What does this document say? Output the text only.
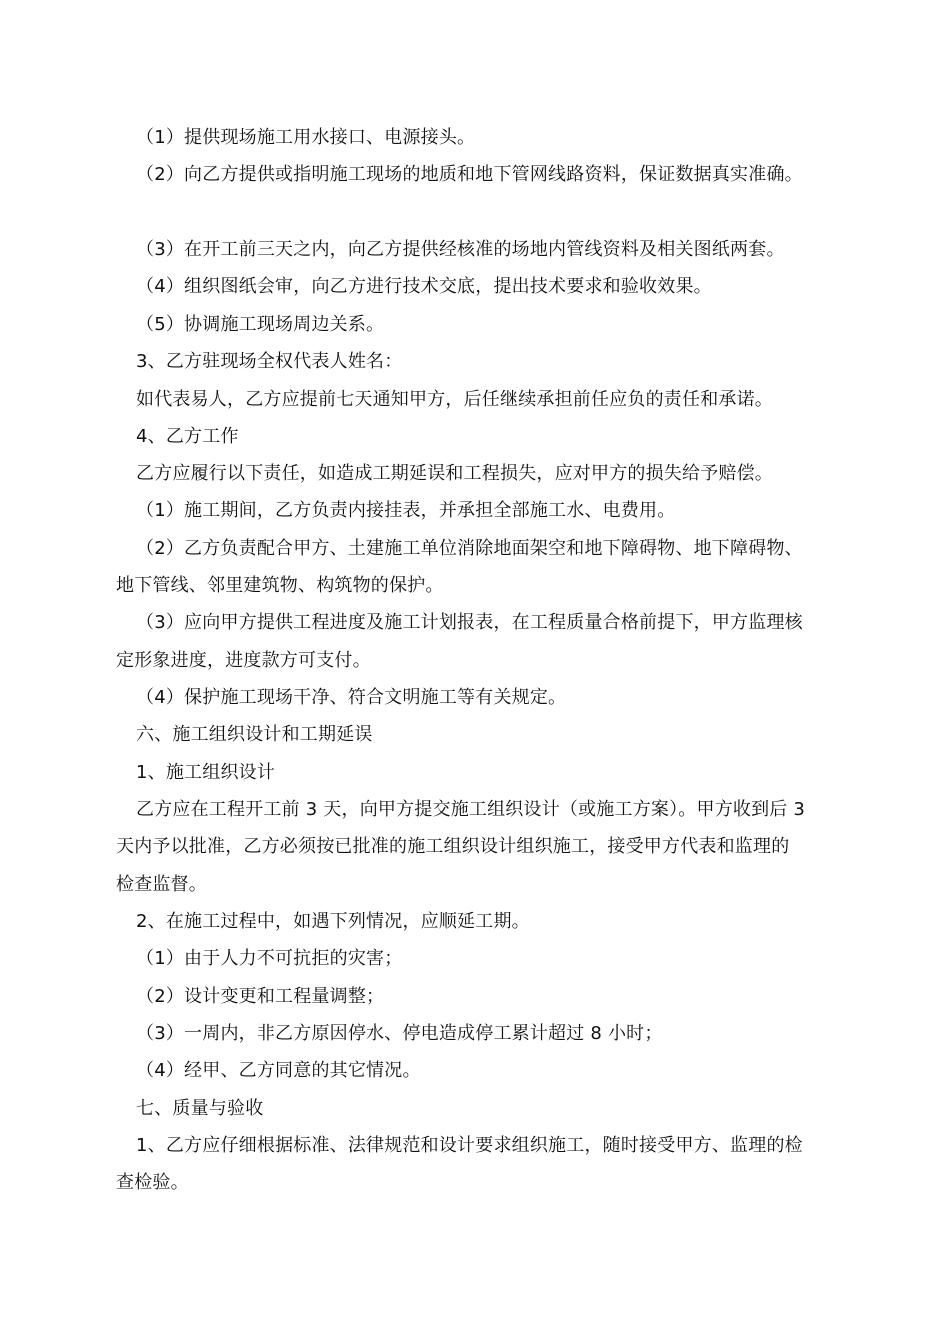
（1）提供现场施工用水接口、电源接头。
（2）向乙方提供或指明施工现场的地质和地下管网线路资料，保证数据真实准确。
（3）在开工前三天之内，向乙方提供经核准的场地内管线资料及相关图纸两套。
（4）组织图纸会审，向乙方进行技术交底，提出技术要求和验收效果。
（5）协调施工现场周边关系。
3、乙方驻现场全权代表人姓名：
如代表易人，乙方应提前七天通知甲方，后任继续承担前任应负的责任和承诺。
4、乙方工作
乙方应履行以下责任，如造成工期延误和工程损失，应对甲方的损失给予赔偿。
（1）施工期间，乙方负责内接挂表，并承担全部施工水、电费用。
（2）乙方负责配合甲方、土建施工单位消除地面架空和地下障碍物、地下障碍物、
地下管线、邻里建筑物、构筑物的保护。
（3）应向甲方提供工程进度及施工计划报表，在工程质量合格前提下，甲方监理核
定形象进度，进度款方可支付。
（4）保护施工现场干净、符合文明施工等有关规定。
六、施工组织设计和工期延误
1、施工组织设计
乙方应在工程开工前 3 天，向甲方提交施工组织设计（或施工方案）。甲方收到后 3
天内予以批准，乙方必须按已批准的施工组织设计组织施工，接受甲方代表和监理的
检查监督。
2、在施工过程中，如遇下列情况，应顺延工期。
（1）由于人力不可抗拒的灾害；
（2）设计变更和工程量调整；
（3）一周内，非乙方原因停水、停电造成停工累计超过 8 小时；
（4）经甲、乙方同意的其它情况。
七、质量与验收
1、乙方应仔细根据标准、法律规范和设计要求组织施工，随时接受甲方、监理的检
查检验。
